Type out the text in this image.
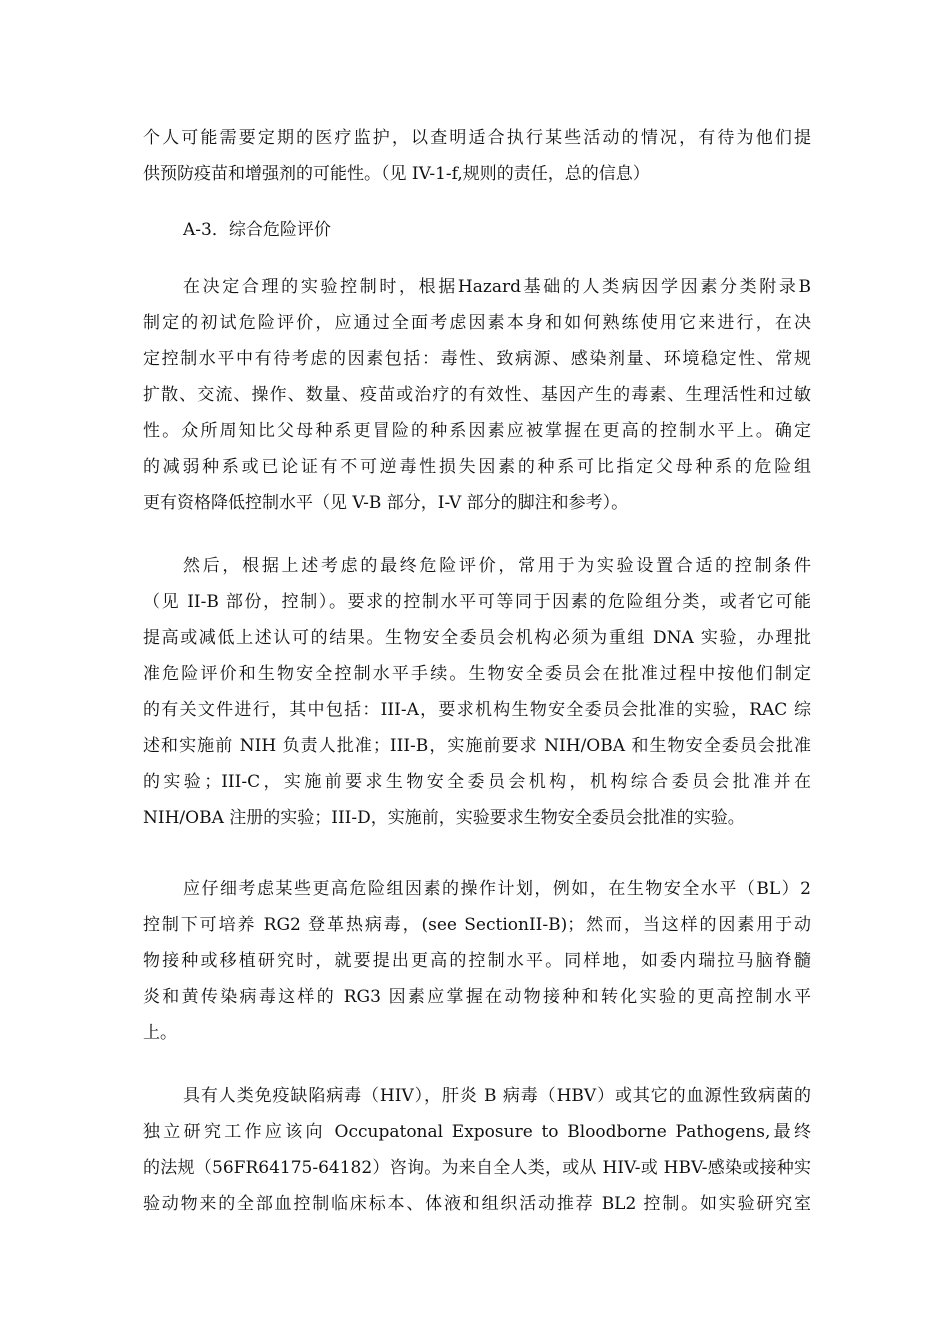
个人可能需要定期的医疗监护，以查明适合执行某些活动的情况，有待为他们提
供预防疫苗和增强剂的可能性。（见 IV-1-f,规则的责任，总的信息）
A-3．综合危险评价
在决定合理的实验控制时，根据Hazard基础的人类病因学因素分类附录B
制定的初试危险评价，应通过全面考虑因素本身和如何熟练使用它来进行，在决
定控制水平中有待考虑的因素包括：毒性、致病源、感染剂量、环境稳定性、常规
扩散、交流、操作、数量、疫苗或治疗的有效性、基因产生的毒素、生理活性和过敏
性。众所周知比父母种系更冒险的种系因素应被掌握在更高的控制水平上。确定
的减弱种系或已论证有不可逆毒性损失因素的种系可比指定父母种系的危险组
更有资格降低控制水平（见 V-B 部分，I-V 部分的脚注和参考）。
然后，根据上述考虑的最终危险评价，常用于为实验设置合适的控制条件
（见 II-B 部份，控制）。要求的控制水平可等同于因素的危险组分类，或者它可能
提高或减低上述认可的结果。生物安全委员会机构必须为重组 DNA 实验，办理批
准危险评价和生物安全控制水平手续。生物安全委员会在批准过程中按他们制定
的有关文件进行，其中包括：III-A，要求机构生物安全委员会批准的实验，RAC 综
述和实施前 NIH 负责人批准；III-B，实施前要求 NIH/OBA 和生物安全委员会批准
的实验；III-C，实施前要求生物安全委员会机构，机构综合委员会批准并在
NIH/OBA 注册的实验；III-D，实施前，实验要求生物安全委员会批准的实验。
应仔细考虑某些更高危险组因素的操作计划，例如，在生物安全水平（BL）2
控制下可培养 RG2 登革热病毒，(see SectionII-B)；然而，当这样的因素用于动
物接种或移植研究时，就要提出更高的控制水平。同样地，如委内瑞拉马脑脊髓
炎和黄传染病毒这样的 RG3 因素应掌握在动物接种和转化实验的更高控制水平
上。
具有人类免疫缺陷病毒（HIV），肝炎 B 病毒（HBV）或其它的血源性致病菌的
独立研究工作应该向 Occupatonal Exposure to Bloodborne Pathogens,最终
的法规（56FR64175-64182）咨询。为来自全人类，或从 HIV-或 HBV-感染或接种实
验动物来的全部血控制临床标本、体液和组织活动推荐 BL2 控制。如实验研究室
